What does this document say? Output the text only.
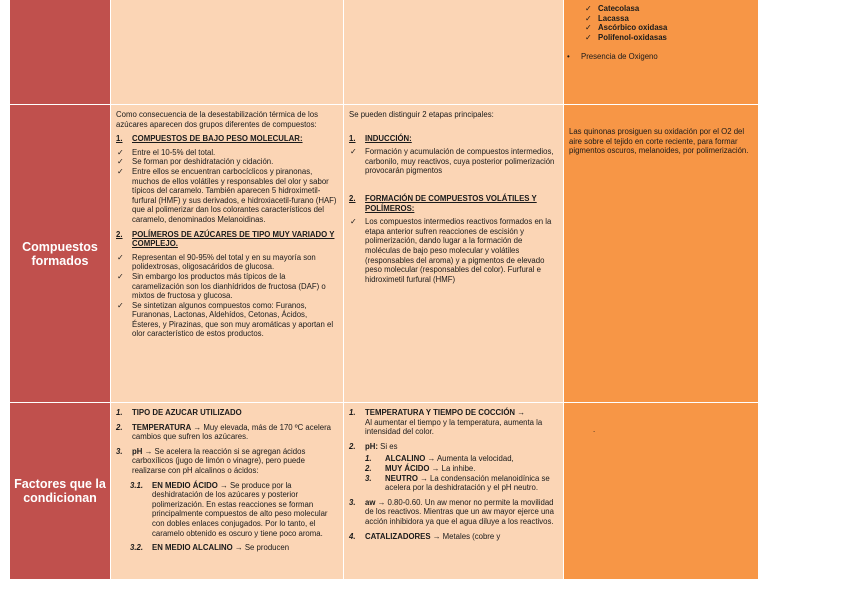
✓ Catecolasa
✓ Lacassa
✓ Ascórbico oxidasa
✓ Polifenol-oxidasas
•	Presencia de Oxigeno
Compuestos formados

Como consecuencia de la desestabilización térmica de los azúcares aparecen dos grupos diferentes de compuestos:

1.	COMPUESTOS DE BAJO PESO MOLECULAR:
✓ Entre el 10-5% del total.
✓ Se forman por deshidratación y cidación.
✓ Entre ellos se encuentran carbocíclicos y piranonas, muchos de ellos volátiles y responsables del olor y sabor típicos del caramelo. También aparecen 5 hidroximetil-furfural (HMF) y sus derivados, e hidroxiacetil-furano (HAF) que al polimerizar dan los colorantes característicos del caramelo, denominados Melanoidinas.
2.	POLÍMEROS DE AZÚCARES DE TIPO MUY VARIADO Y COMPLEJO.
✓ Representan el 90-95% del total y en su mayoría son polidextrosas, oligosacáridos de glucosa.
✓ Sin embargo los productos más típicos de la caramelización son los dianhídridos de fructosa (DAF) o mixtos de fructosa y glucosa.
✓ Se sintetizan algunos compuestos como: Furanos, Furanonas, Lactonas, Aldehídos, Cetonas, Ácidos, Ésteres, y Pirazinas, que son muy aromáticas y aportan el olor característico de estos productos.

Se pueden distinguir 2 etapas principales:

1.	INDUCCIÓN:
✓ Formación y acumulación de compuestos intermedios, carbonilo, muy reactivos, cuya posterior polimerización provocarán pigmentos
2.	FORMACIÓN DE COMPUESTOS VOLÁTILES Y POLÍMEROS:
✓ Los compuestos intermedios reactivos formados en la etapa anterior sufren reacciones de escisión y polimerización, dando lugar a la formación de moléculas de bajo peso molecular y volátiles (responsables del aroma) y a pigmentos de elevado peso molecular (responsables del color). Furfural e hidroximetil furfural (HMF)

Las quinonas prosiguen su oxidación por el O2 del aire sobre el tejido en corte reciente, para formar pigmentos oscuros, melanoides, por polimerización.

Factores que la condicionan
1.	TIPO DE AZUCAR UTILIZADO
2.	TEMPERATURA → Muy elevada, más de 170 ºC acelera cambios que sufren los azúcares.
3.	pH → Se acelera la reacción si se agregan ácidos carboxílicos (jugo de limón o vinagre), pero puede realizarse con pH alcalinos o ácidos:
3.1.	EN MEDIO ÁCIDO → Se produce por la deshidratación de los azúcares y posterior polimerización. En estas reacciones se forman principalmente compuestos de alto peso molecular con dobles enlaces conjugados. Por lo tanto, el caramelo obtenido es oscuro y tiene poco aroma.
3.2.	EN MEDIO ALCALINO → Se producen
1.	TEMPERATURA Y TIEMPO DE COCCIÓN →
Al aumentar el tiempo y la temperatura, aumenta la intensidad del color.
2.	pH: Si es
1.	ALCALINO → Aumenta la velocidad,
2.	MUY ÁCIDO → La inhibe.
3.	NEUTRO → La condensación melanoidínica se acelera por la deshidratación y el pH neutro.
3.	aw → 0.80-0.60. Un aw menor no permite la movilidad de los reactivos. Mientras que un aw mayor ejerce una acción inhibidora ya que el agua diluye a los reactivos.
4.	CATALIZADORES → Metales (cobre y
.
